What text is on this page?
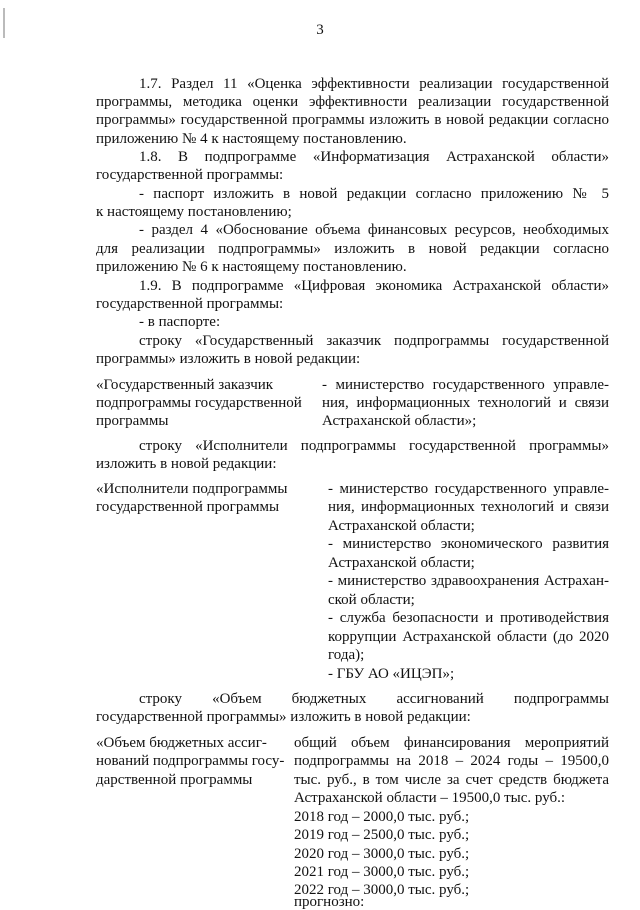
3
1.7. Раздел 11 «Оценка эффективности реализации государственной
программы, методика оценки эффективности реализации государственной
программы» государственной программы изложить в новой редакции согласно
приложению № 4 к настоящему постановлению.
1.8. В подпрограмме «Информатизация Астраханской области»
государственной программы:
- паспорт изложить в новой редакции согласно приложению № 5
к настоящему постановлению;
- раздел 4 «Обоснование объема финансовых ресурсов, необходимых
для реализации подпрограммы» изложить в новой редакции согласно
приложению № 6 к настоящему постановлению.
1.9. В подпрограмме «Цифровая экономика Астраханской области»
государственной программы:
- в паспорте:
строку «Государственный заказчик подпрограммы государственной
программы» изложить в новой редакции:
«Государственный заказчик
подпрограммы государственной
программы
- министерство государственного управле-
ния, информационных технологий и связи
Астраханской области»;
строку «Исполнители подпрограммы государственной программы»
изложить в новой редакции:
«Исполнители подпрограммы
государственной программы
- министерство государственного управле-
ния, информационных технологий и связи
Астраханской области;
- министерство экономического развития
Астраханской области;
- министерство здравоохранения Астрахан-
ской области;
- служба безопасности и противодействия
коррупции Астраханской области (до 2020
года);
- ГБУ АО «ИЦЭП»;
строку «Объем бюджетных ассигнований подпрограммы
государственной программы» изложить в новой редакции:
«Объем бюджетных ассиг-
нований подпрограммы госу-
дарственной программы
общий объем финансирования мероприятий
подпрограммы на 2018 – 2024 годы – 19500,0
тыс. руб., в том числе за счет средств бюджета
Астраханской области – 19500,0 тыс. руб.:
2018 год – 2000,0 тыс. руб.;
2019 год – 2500,0 тыс. руб.;
2020 год – 3000,0 тыс. руб.;
2021 год – 3000,0 тыс. руб.;
2022 год – 3000,0 тыс. руб.;
прогнозно:
